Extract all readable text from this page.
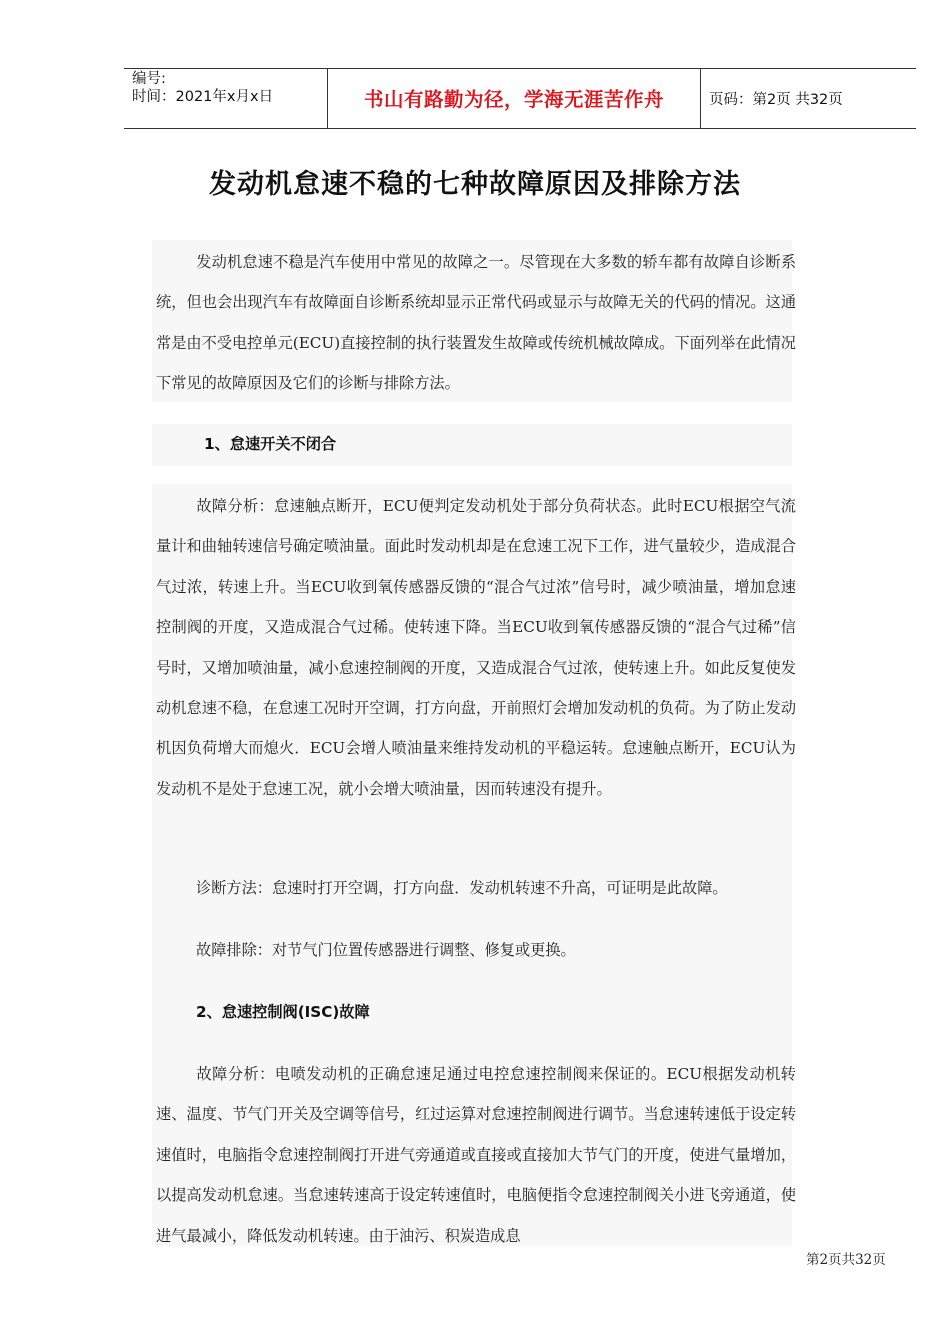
编号:
时间：2021年x月x日	书山有路勤为径，学海无涯苦作舟	页码：第2页 共32页
发动机怠速不稳的七种故障原因及排除方法
发动机怠速不稳是汽车使用中常见的故障之一。尽管现在大多数的轿车都有故障自诊断系统，但也会出现汽车有故障面自诊断系统却显示正常代码或显示与故障无关的代码的情况。这通常是由不受电控单元(ECU)直接控制的执行装置发生故障或传统机械故障成。下面列举在此情况下常见的故障原因及它们的诊断与排除方法。
1、怠速开关不闭合
故障分析：怠速触点断开，ECU便判定发动机处于部分负荷状态。此时ECU根据空气流量计和曲轴转速信号确定喷油量。面此时发动机却是在怠速工况下工作，进气量较少，造成混合气过浓，转速上升。当ECU收到氧传感器反馈的“混合气过浓”信号时，减少喷油量，增加怠速控制阀的开度，又造成混合气过稀。使转速下降。当ECU收到氧传感器反馈的“混合气过稀”信号时，又增加喷油量，减小怠速控制阀的开度，又造成混合气过浓，使转速上升。如此反复使发动机怠速不稳，在怠速工况时开空调，打方向盘，开前照灯会增加发动机的负荷。为了防止发动机因负荷增大而熄火．ECU会增人喷油量来维持发动机的平稳运转。怠速触点断开，ECU认为发动机不是处于怠速工况，就小会增大喷油量，因而转速没有提升。
诊断方法：怠速时打开空调，打方向盘．发动机转速不升高，可证明是此故障。
故障排除：对节气门位置传感器进行调整、修复或更换。
2、怠速控制阀(ISC)故障
故障分析：电喷发动机的正确怠速足通过电控怠速控制阀来保证的。ECU根据发动机转速、温度、节气门开关及空调等信号，红过运算对怠速控制阀进行调节。当怠速转速低于设定转速值时，电脑指令怠速控制阀打开进气旁通道或直接或直接加大节气门的开度，使进气量增加，以提高发动机怠速。当怠速转速高于设定转速值时，电脑便指令怠速控制阀关小进飞旁通道，使进气最减小，降低发动机转速。由于油污、积炭造成息
第2页共32页
